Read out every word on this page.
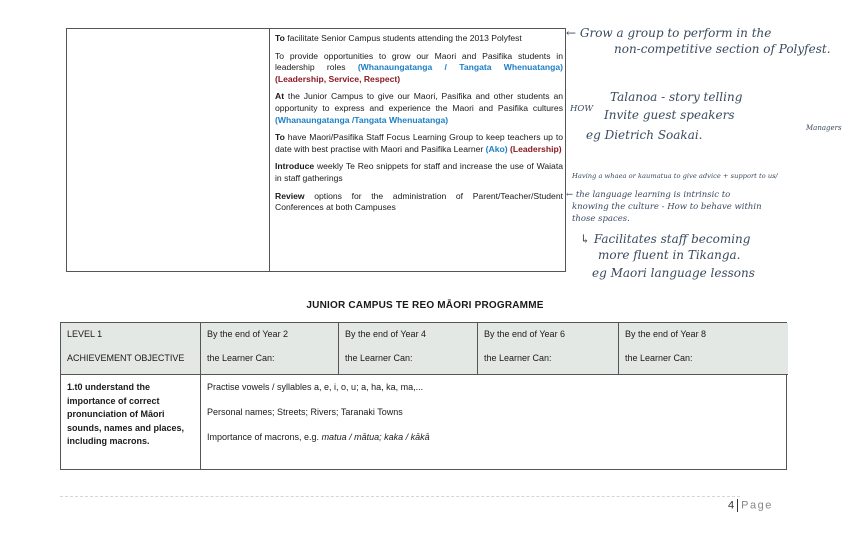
To facilitate Senior Campus students attending the 2013 Polyfest

To provide opportunities to grow our Maori and Pasifika students in leadership roles (Whanaungatanga / Tangata Whenuatanga) (Leadership, Service, Respect)

At the Junior Campus to give our Maori, Pasifika and other students an opportunity to express and experience the Maori and Pasifika cultures (Whanaungatanga /Tangata Whenuatanga)

To have Maori/Pasifika Staff Focus Learning Group to keep teachers up to date with best practise with Maori and Pasifika Learner (Ako) (Leadership)

Introduce weekly Te Reo snippets for staff and increase the use of Waiata in staff gatherings

Review options for the administration of Parent/Teacher/Student Conferences at both Campuses

← Grow a group to perform in the
non-competitive section of Polyfest.
Talanoa - story telling
HOW Invite guest speakers
eg Dietrich Soakai.	Managers
Having a whaea or kaumatua to give advice + support to us/
← the language learning is intrinsic to
knowing the culture - How to behave within
those spaces.
↳ Facilitates staff becoming
more fluent in Tikanga.
eg Maori language lessons
JUNIOR CAMPUS TE REO MĀORI PROGRAMME
LEVEL 1
ACHIEVEMENT OBJECTIVE
By the end of Year 2
the Learner Can:
By the end of Year 4
the Learner Can:
By the end of Year 6
the Learner Can:
By the end of Year 8
the Learner Can:
1.t0 understand the importance of correct pronunciation of Māori sounds, names and places, including macrons.

Practise vowels / syllables a, e, i, o, u; a, ha, ka, ma,...

Personal names; Streets; Rivers; Taranaki Towns

Importance of macrons, e.g. matua / mātua; kaka / kākā

4 Page
